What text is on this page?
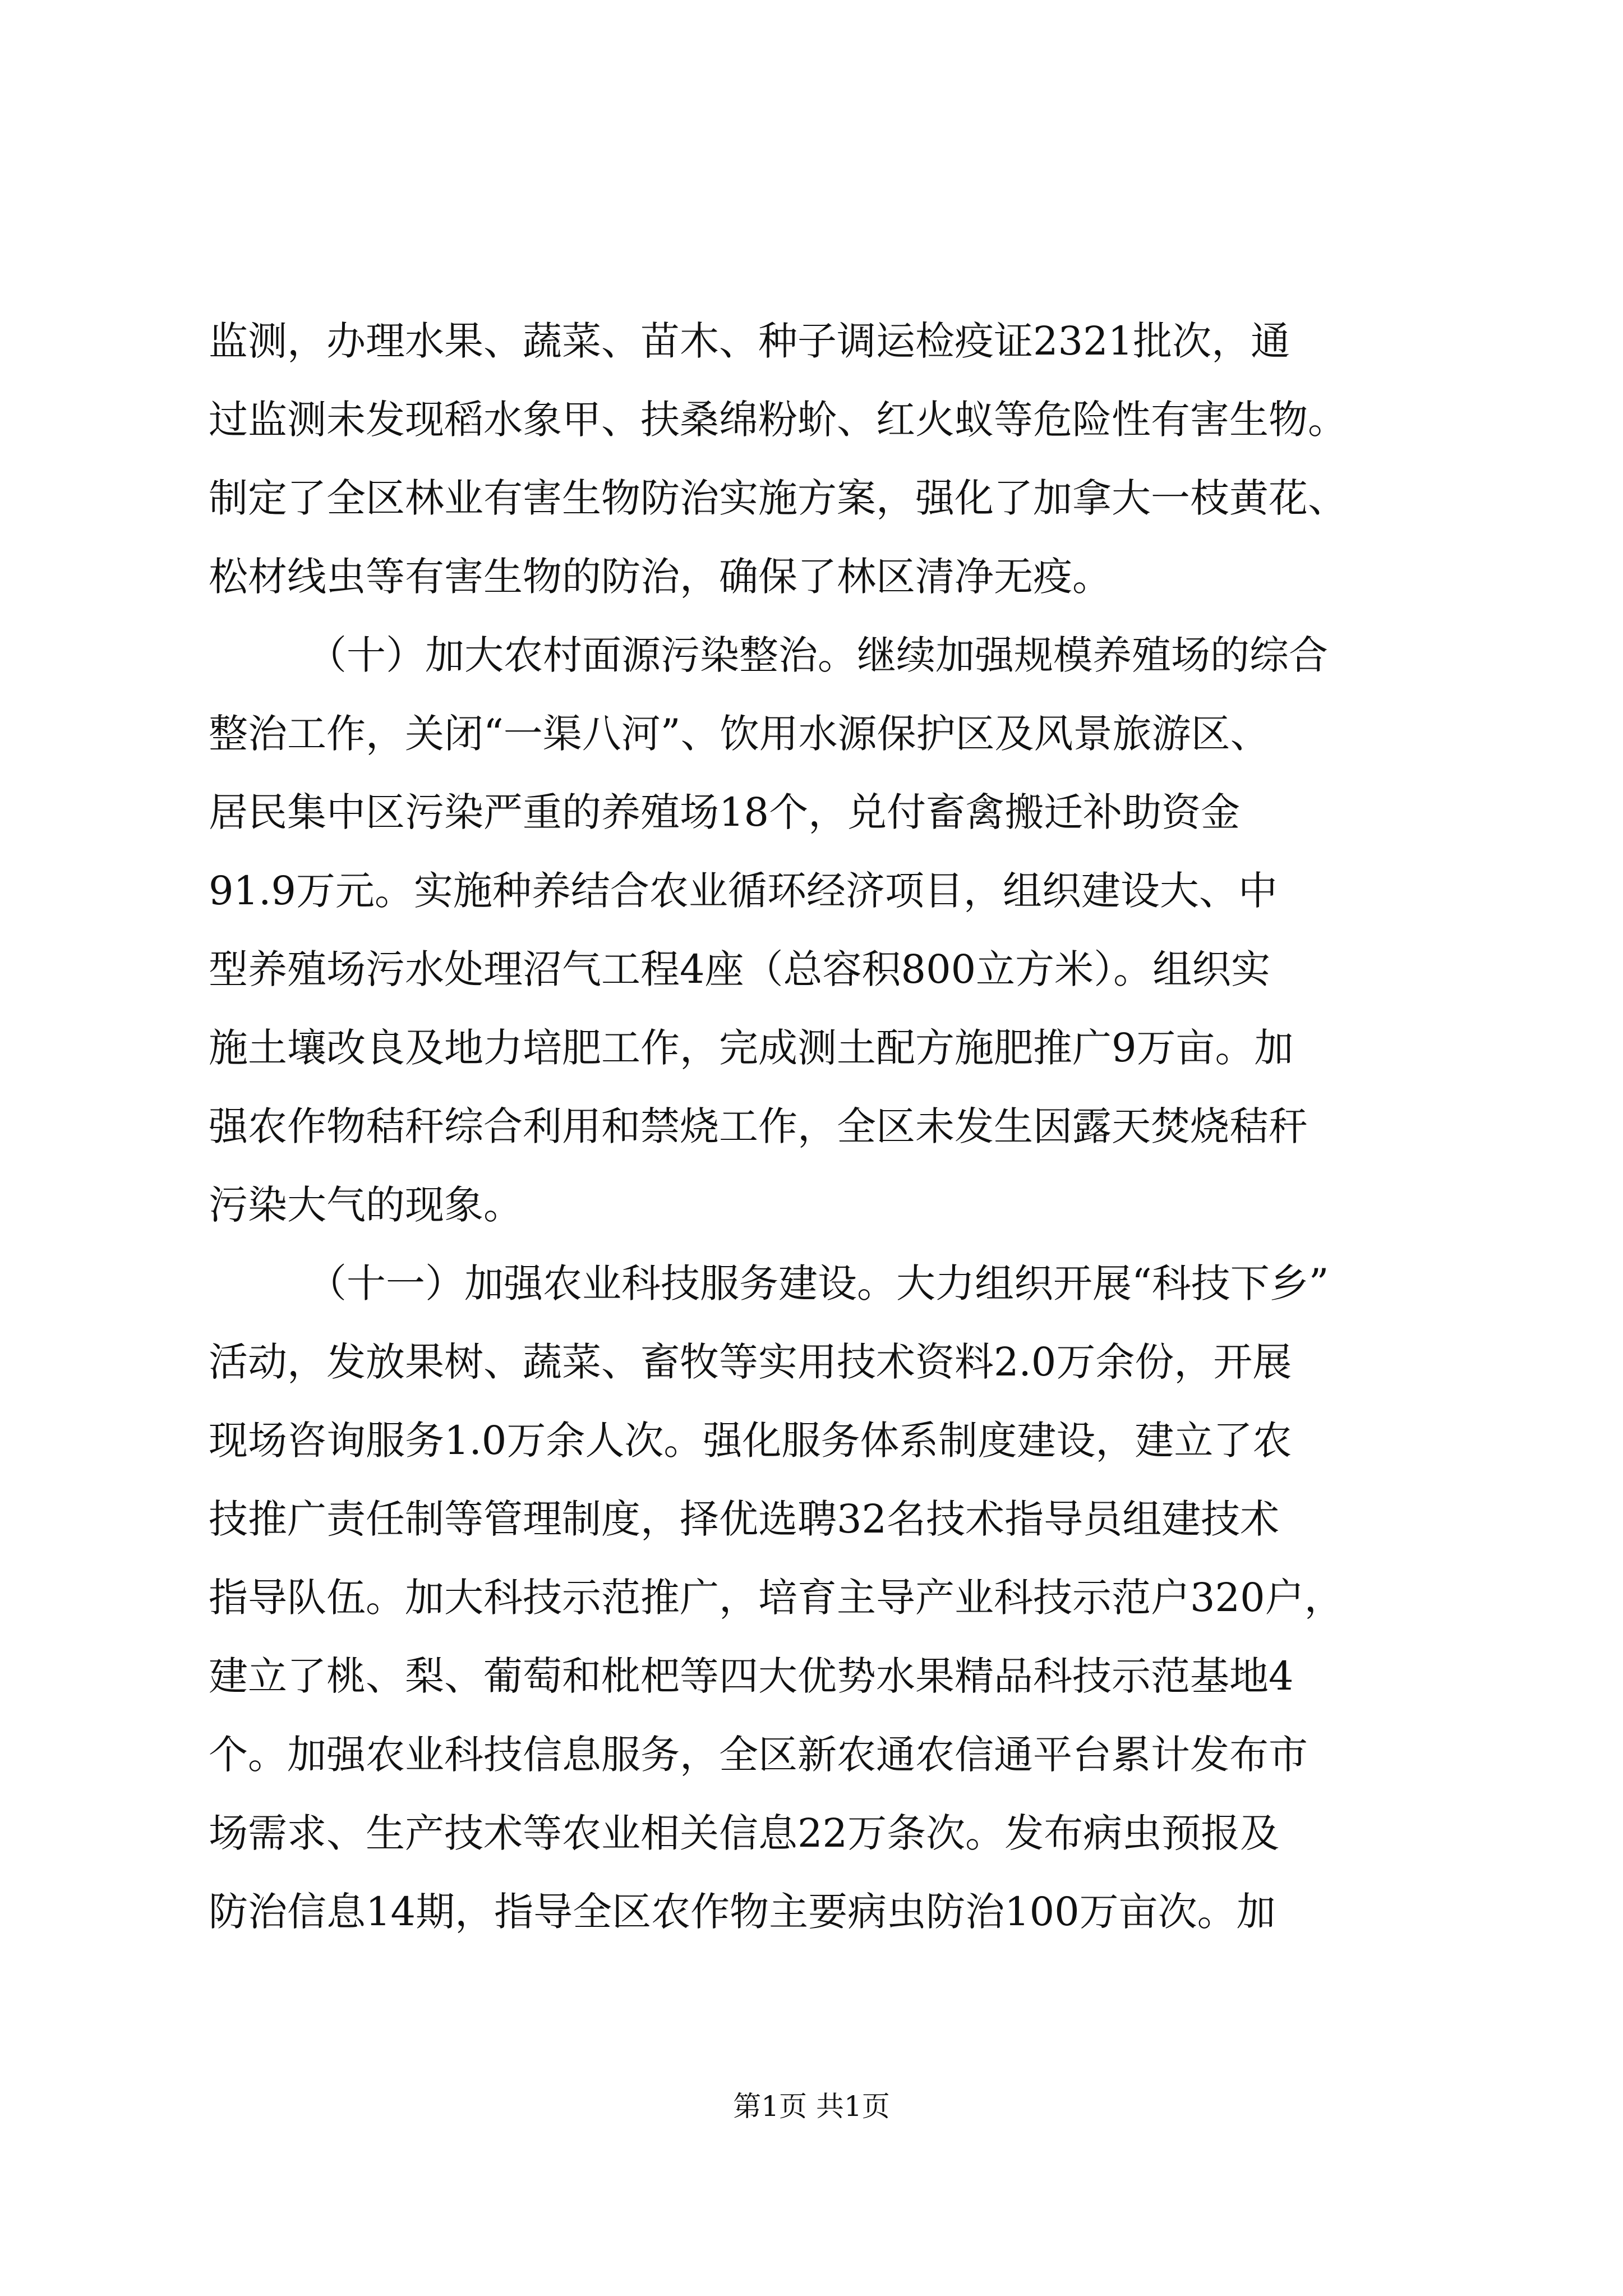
监测，办理水果、蔬菜、苗木、种子调运检疫证2321批次，通
过监测未发现稻水象甲、扶桑绵粉蚧、红火蚁等危险性有害生物。
制定了全区林业有害生物防治实施方案，强化了加拿大一枝黄花、
松材线虫等有害生物的防治，确保了林区清净无疫。
（十）加大农村面源污染整治。继续加强规模养殖场的综合
整治工作，关闭“一渠八河”、饮用水源保护区及风景旅游区、
居民集中区污染严重的养殖场18个，兑付畜禽搬迁补助资金
91.9万元。实施种养结合农业循环经济项目，组织建设大、中
型养殖场污水处理沼气工程4座（总容积800立方米）。组织实
施土壤改良及地力培肥工作，完成测土配方施肥推广9万亩。加
强农作物秸秆综合利用和禁烧工作，全区未发生因露天焚烧秸秆
污染大气的现象。
（十一）加强农业科技服务建设。大力组织开展“科技下乡”
活动，发放果树、蔬菜、畜牧等实用技术资料2.0万余份，开展
现场咨询服务1.0万余人次。强化服务体系制度建设，建立了农
技推广责任制等管理制度，择优选聘32名技术指导员组建技术
指导队伍。加大科技示范推广，培育主导产业科技示范户320户，
建立了桃、梨、葡萄和枇杷等四大优势水果精品科技示范基地4
个。加强农业科技信息服务，全区新农通农信通平台累计发布市
场需求、生产技术等农业相关信息22万条次。发布病虫预报及
防治信息14期，指导全区农作物主要病虫防治100万亩次。加
第1页 共1页
